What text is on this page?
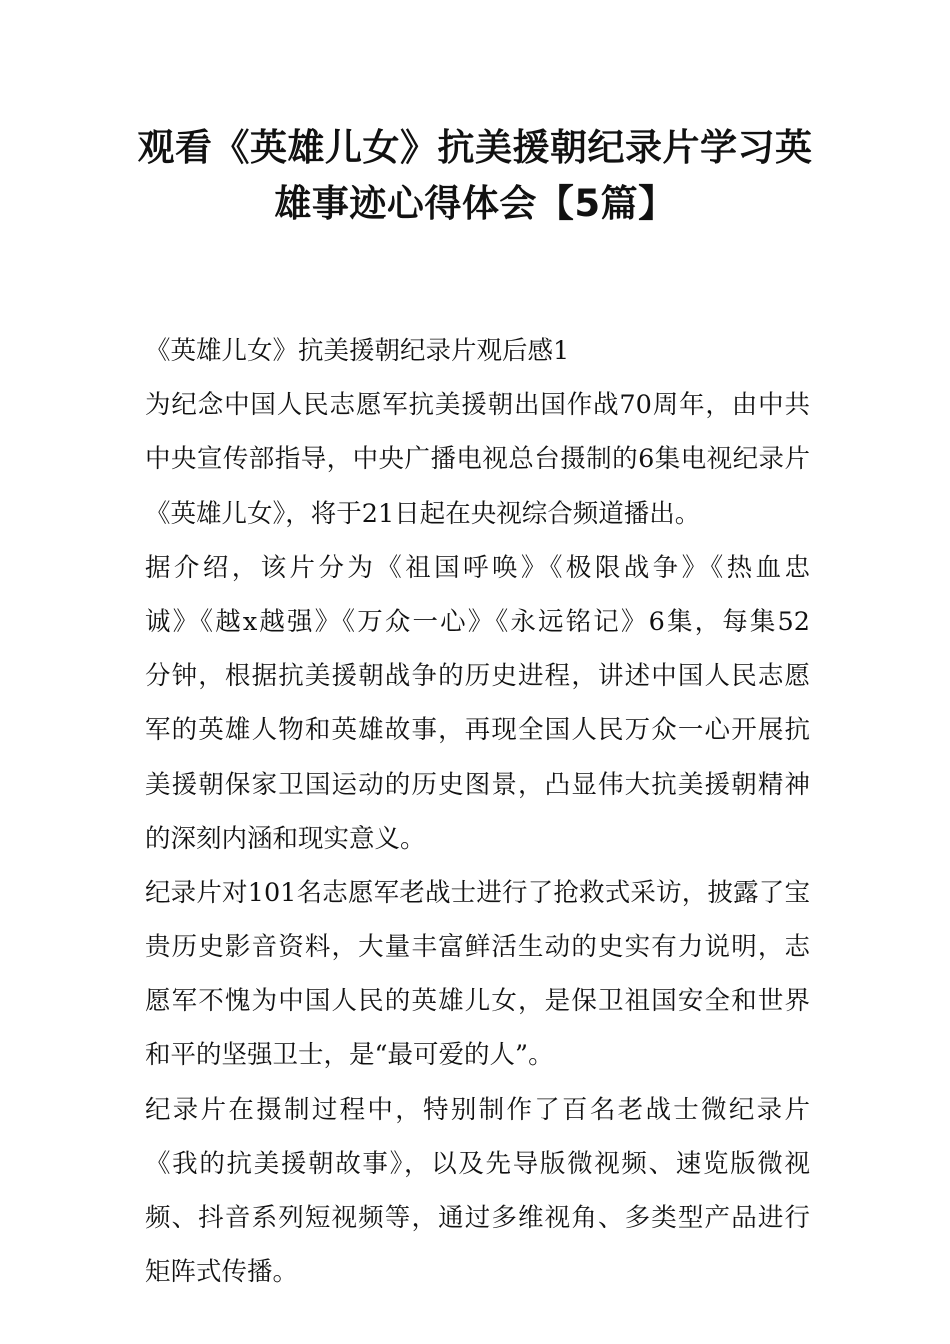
观看《英雄儿女》抗美援朝纪录片学习英
雄事迹心得体会【5篇】
《英雄儿女》抗美援朝纪录片观后感1
为纪念中国人民志愿军抗美援朝出国作战70周年，由中共
中央宣传部指导，中央广播电视总台摄制的6集电视纪录片
《英雄儿女》，将于21日起在央视综合频道播出。
据介绍，该片分为《祖国呼唤》《极限战争》《热血忠
诚》《越x越强》《万众一心》《永远铭记》6集，每集52
分钟，根据抗美援朝战争的历史进程，讲述中国人民志愿
军的英雄人物和英雄故事，再现全国人民万众一心开展抗
美援朝保家卫国运动的历史图景，凸显伟大抗美援朝精神
的深刻内涵和现实意义。
纪录片对101名志愿军老战士进行了抢救式采访，披露了宝
贵历史影音资料，大量丰富鲜活生动的史实有力说明，志
愿军不愧为中国人民的英雄儿女，是保卫祖国安全和世界
和平的坚强卫士，是“最可爱的人”。
纪录片在摄制过程中，特别制作了百名老战士微纪录片
《我的抗美援朝故事》，以及先导版微视频、速览版微视
频、抖音系列短视频等，通过多维视角、多类型产品进行
矩阵式传播。
